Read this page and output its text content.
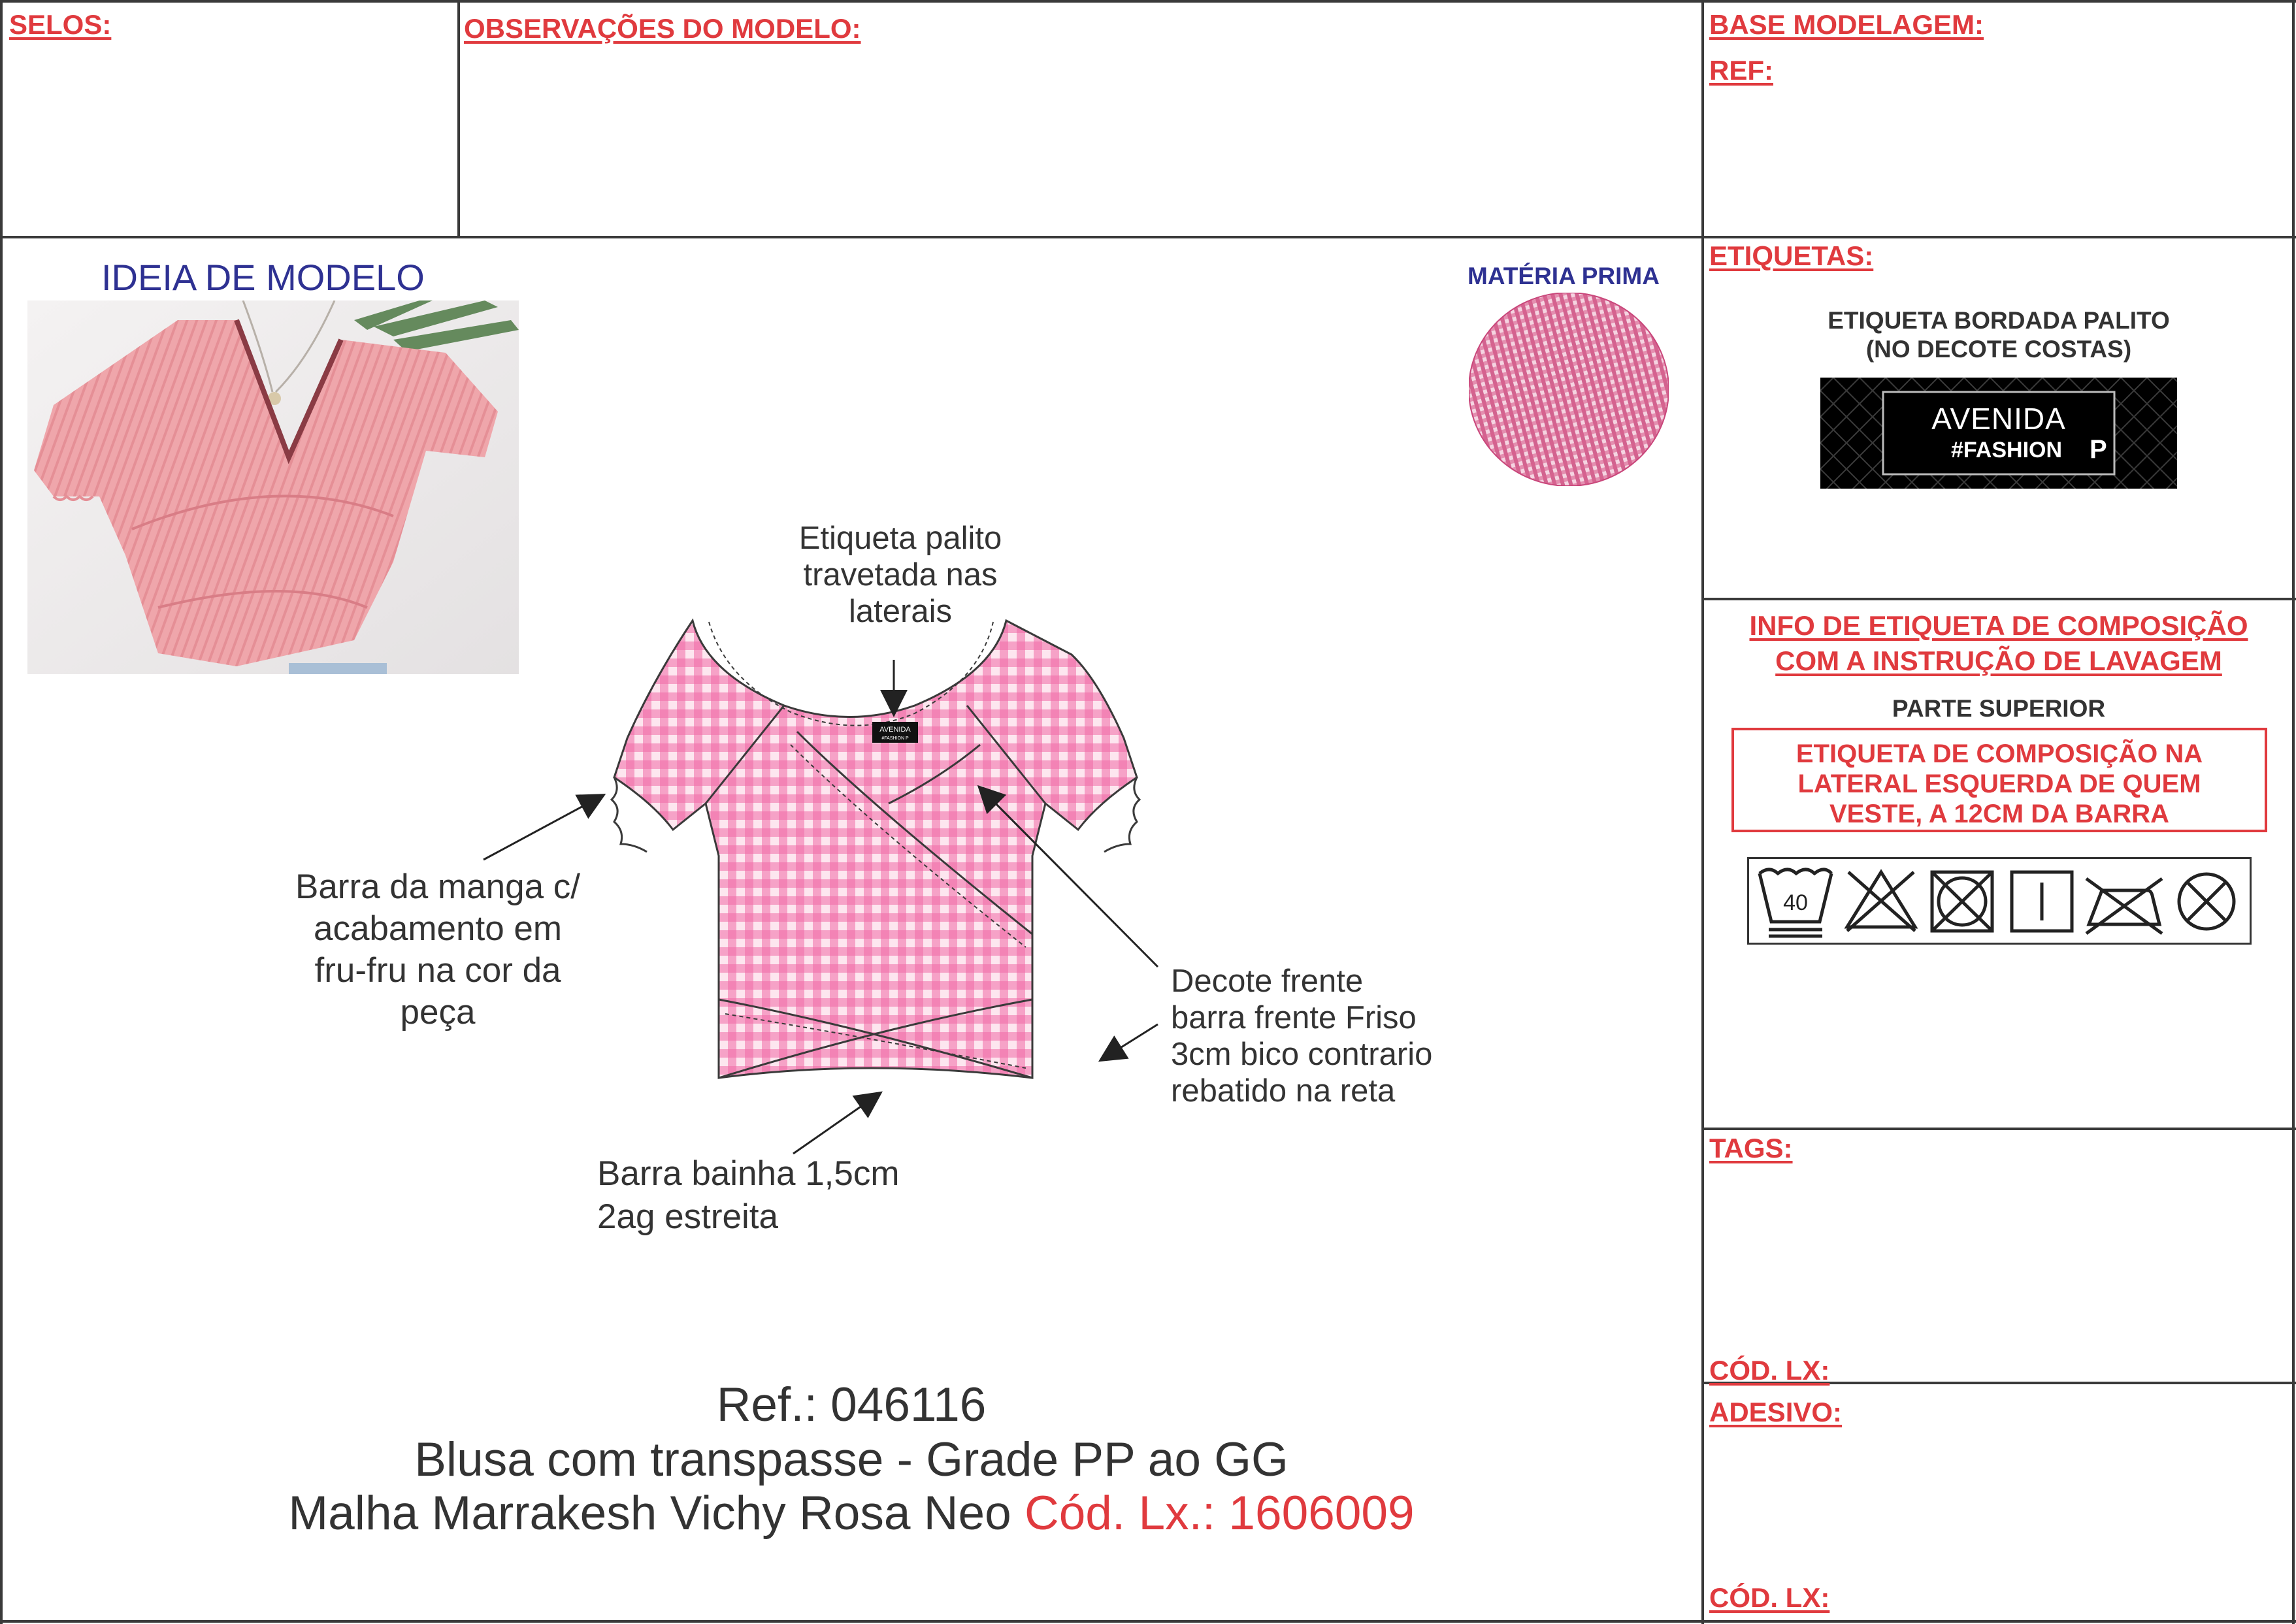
SELOS:	OBSERVAÇÕES DO MODELO:	BASE MODELAGEM:
REF:
ETIQUETAS:
INFO DE ETIQUETA DE COMPOSIÇÃO
COM A INSTRUÇÃO DE LAVAGEM
TAGS:
CÓD. LX:
ADESIVO:
CÓD. LX:
IDEIA DE MODELO	MATÉRIA PRIMA
ETIQUETA BORDADA PALITO
(NO DECOTE COSTAS)
AVENIDA
#FASHION P
PARTE SUPERIOR
ETIQUETA DE COMPOSIÇÃO NA
LATERAL ESQUERDA DE QUEM
VESTE, A 12CM DA BARRA
40
AVENIDA
#FASHION P
Etiqueta palito
travetada nas
laterais
Barra da manga c/
acabamento em
fru-fru na cor da
peça
Decote frente
barra frente Friso
3cm bico contrario
rebatido na reta
Barra bainha 1,5cm
2ag estreita
Ref.: 046116
Blusa com transpasse - Grade PP ao GG
Malha Marrakesh Vichy Rosa Neo Cód. Lx.: 1606009
